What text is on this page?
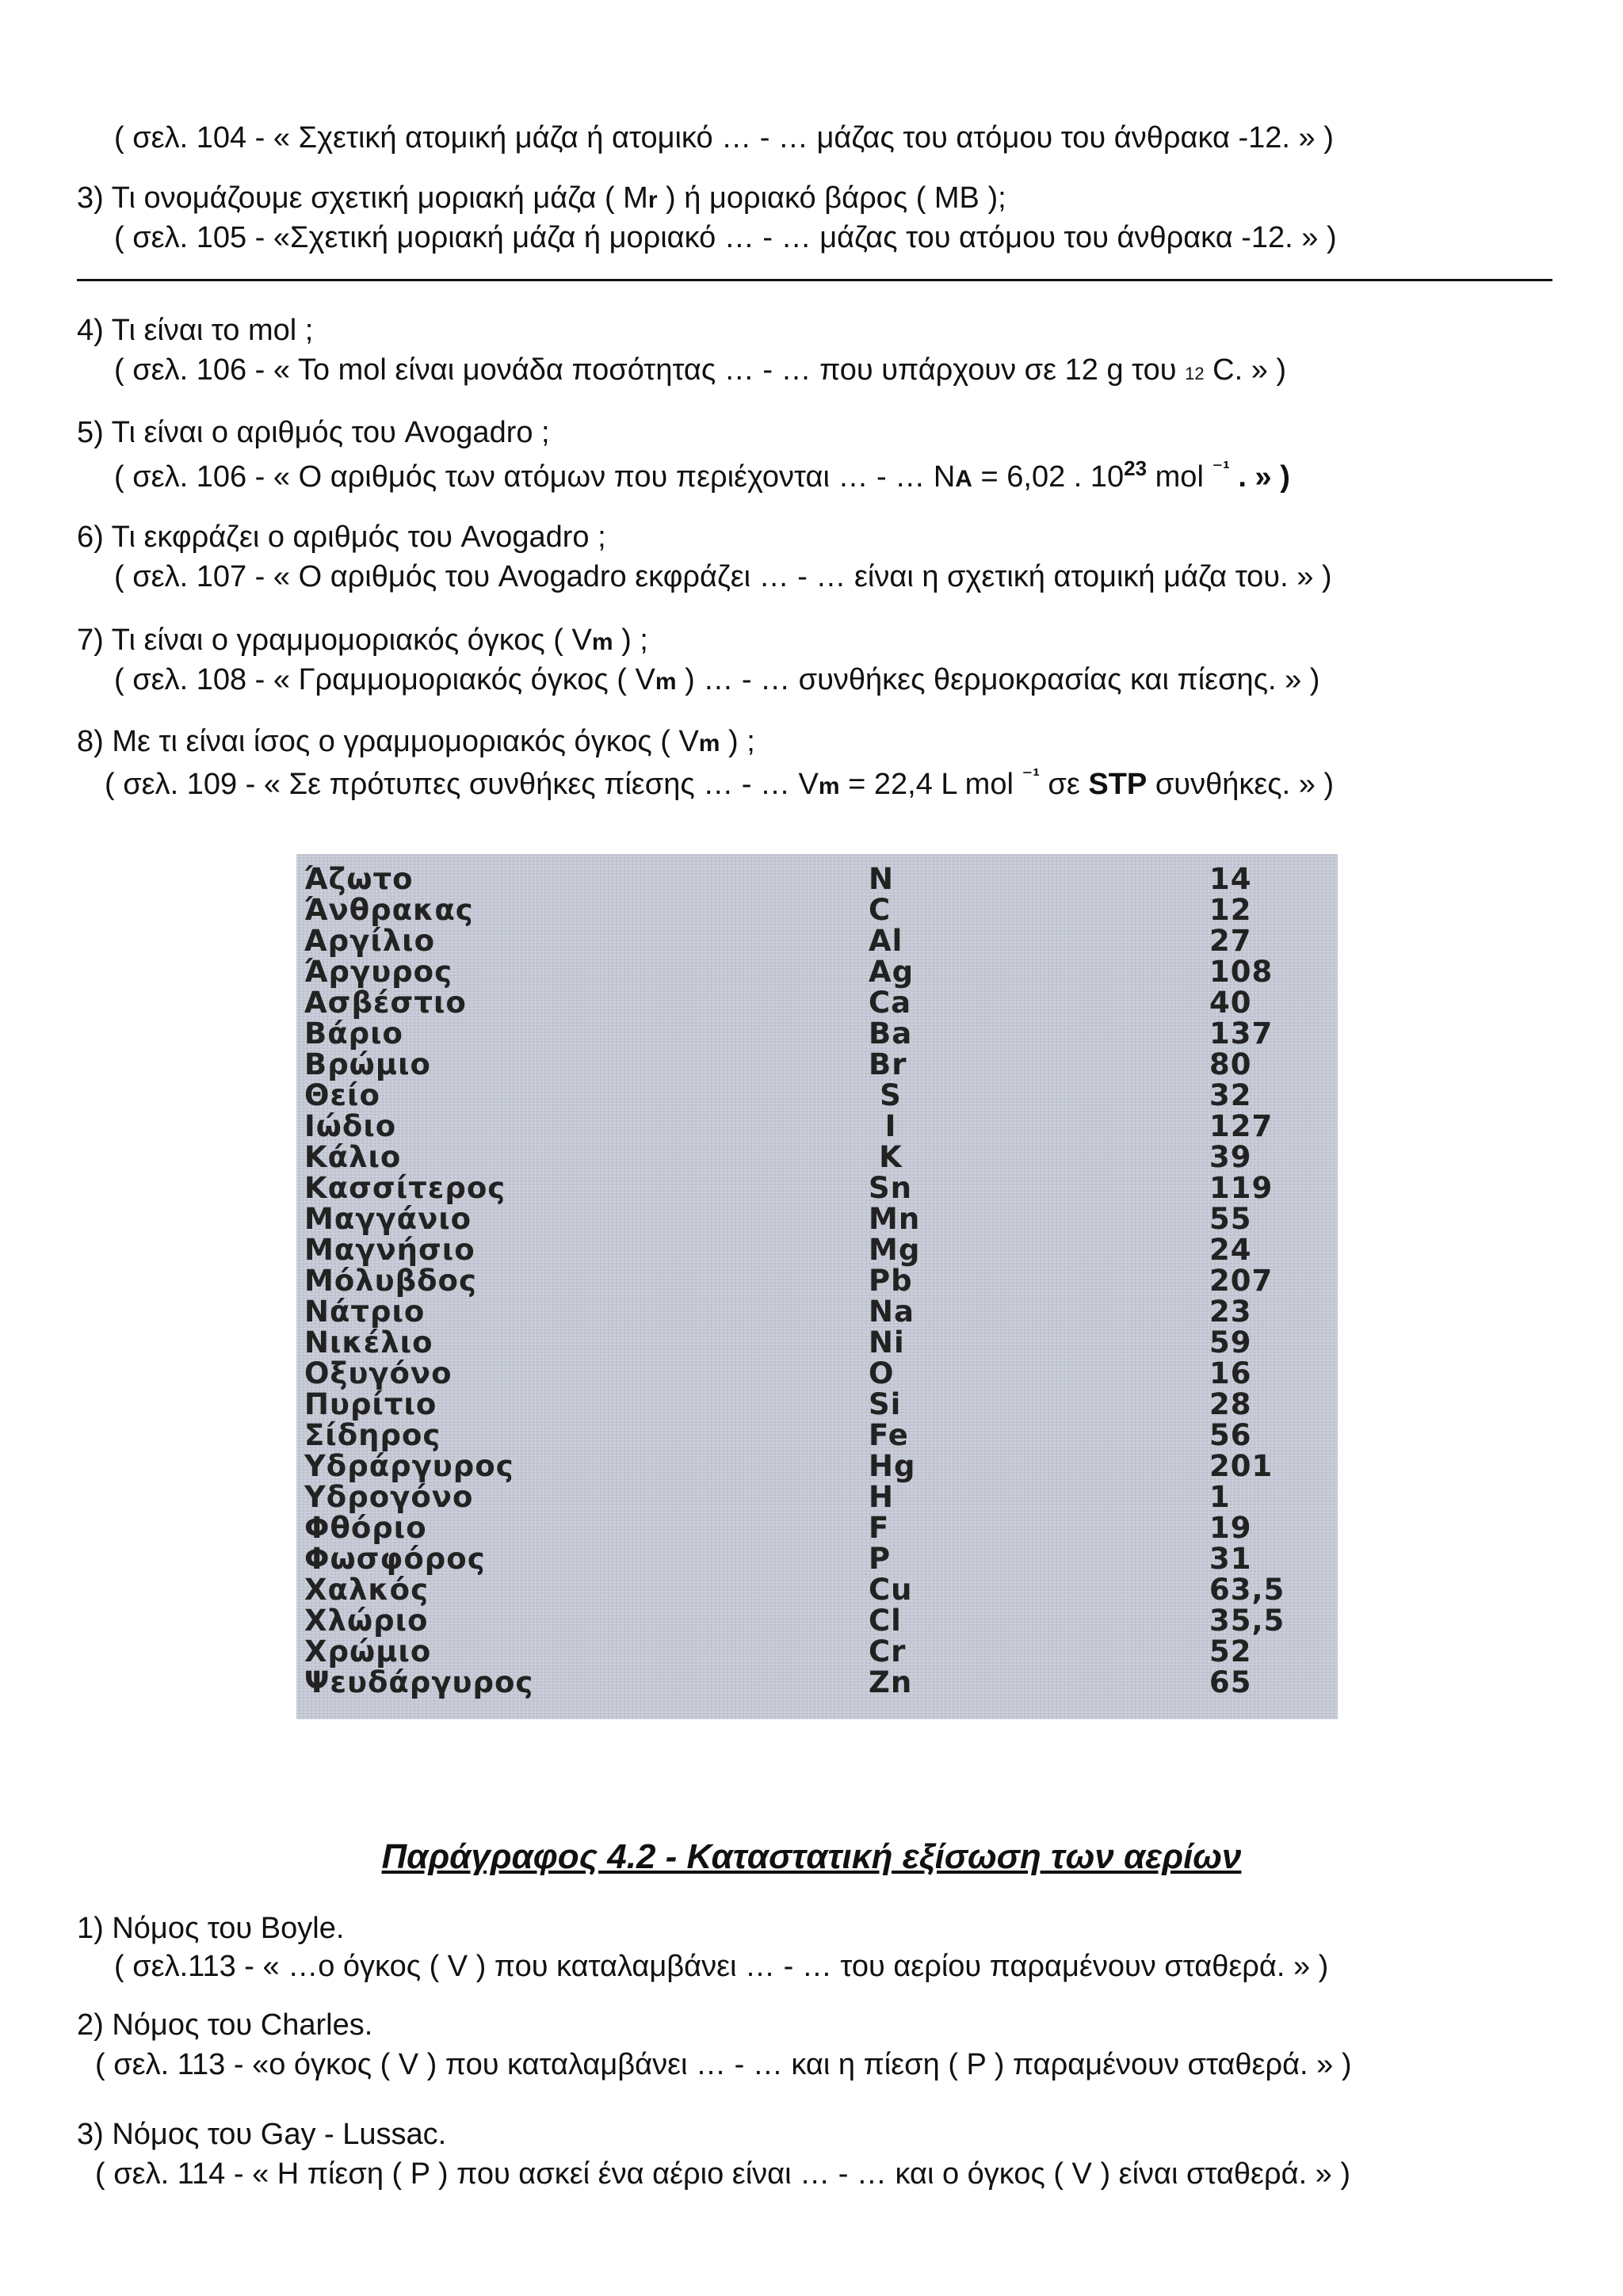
( σελ. 104 - « Σχετική ατομική μάζα ή ατομικό … - … μάζας του ατόμου του άνθρακα -12. » )
3) Τι ονομάζουμε σχετική μοριακή μάζα ( Mr ) ή μοριακό βάρος ( ΜΒ );
( σελ. 105 - «Σχετική μοριακή μάζα ή μοριακό … - … μάζας του ατόμου του άνθρακα -12. » )
4) Τι είναι το mol ;
( σελ. 106 - « Το mol είναι μονάδα ποσότητας … - … που υπάρχουν σε 12 g του 12 C. » )
5) Τι είναι ο αριθμός του Avogadro ;
( σελ. 106 - « Ο αριθμός των ατόμων που περιέχονται … - … NA = 6,02 . $10^{23}$ mol $^{^{-1}}$ . » )
6) Τι εκφράζει ο αριθμός του Avogadro ;
( σελ. 107 - « Ο αριθμός του Avogadro εκφράζει … - … είναι η σχετική ατομική μάζα του. » )
7) Τι είναι ο γραμμομοριακός όγκος ( Vm ) ;
( σελ. 108 - « Γραμμομοριακός όγκος ( Vm ) … - … συνθήκες θερμοκρασίας και πίεσης. » )
8) Με τι είναι ίσος ο γραμμομοριακός όγκος ( Vm ) ;
( σελ. 109 - « Σε πρότυπες συνθήκες πίεσης … - … Vm = 22,4 L mol $^{^{-1}}$ σε STP συνθήκες. » )
Άζωτο	N	14
Άνθρακας	C	12
Αργίλιο	Al	27
Άργυρος	Ag	108
Ασβέστιο	Ca	40
Βάριο	Ba	137
Βρώμιο	Br	80
Θείο	S	32
Ιώδιο	I	127
Κάλιο	K	39
Κασσίτερος	Sn	119
Μαγγάνιο	Mn	55
Μαγνήσιο	Mg	24
Μόλυβδος	Pb	207
Νάτριο	Na	23
Νικέλιο	Ni	59
Οξυγόνο	O	16
Πυρίτιο	Si	28
Σίδηρος	Fe	56
Υδράργυρος	Hg	201
Υδρογόνο	H	1
Φθόριο	F	19
Φωσφόρος	P	31
Χαλκός	Cu	63,5
Χλώριο	Cl	35,5
Χρώμιο	Cr	52
Ψευδάργυρος	Zn	65
Παράγραφος 4.2 - Καταστατική εξίσωση των αερίων
1) Νόμος του Boyle.
( σελ.113 - « …ο όγκος ( V ) που καταλαμβάνει … - … του αερίου παραμένουν σταθερά. » )
2) Νόμος του Charles.
( σελ. 113 - «ο όγκος ( V ) που καταλαμβάνει … - … και η πίεση ( P ) παραμένουν σταθερά. » )
3) Νόμος του Gay - Lussac.
( σελ. 114 - « Η πίεση ( P ) που ασκεί ένα αέριο είναι … - … και ο όγκος ( V ) είναι σταθερά. » )
